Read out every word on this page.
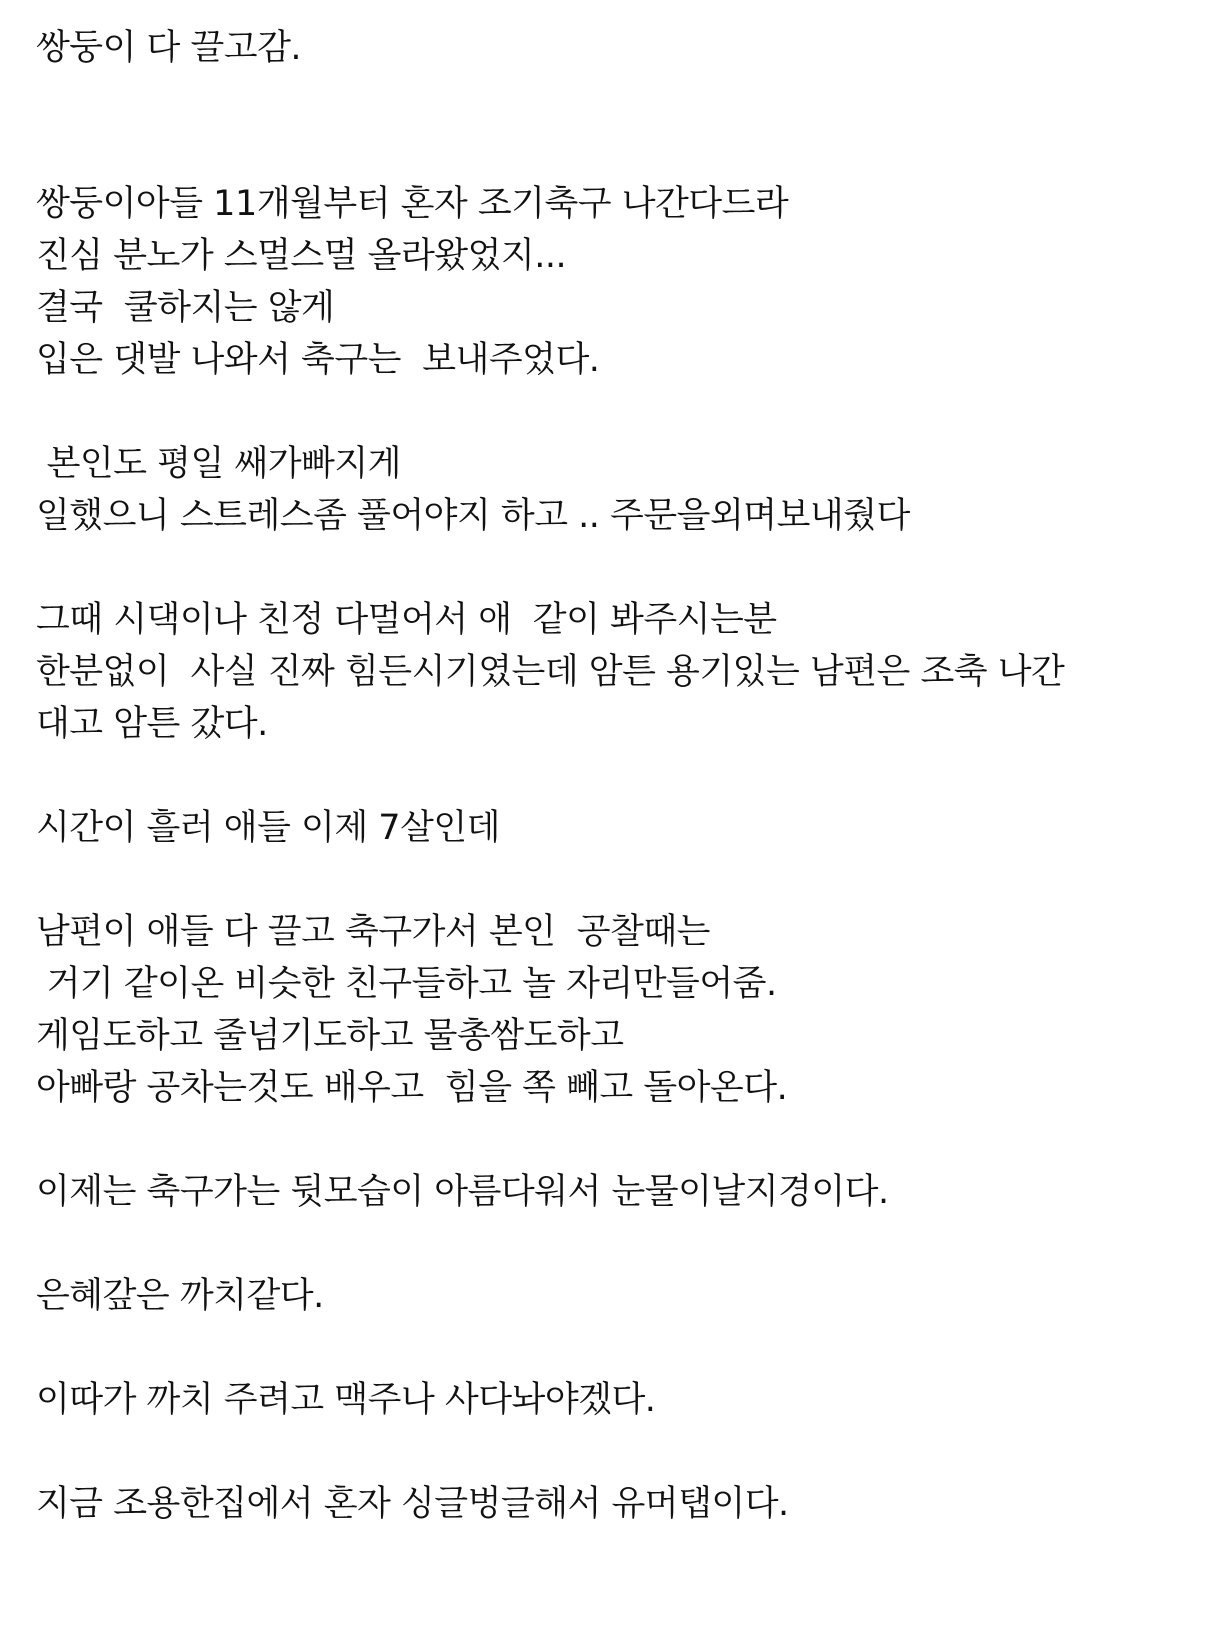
쌍둥이 다 끌고감.
쌍둥이아들 11개월부터 혼자 조기축구 나간다드라
진심 분노가 스멀스멀 올라왔었지...
결국  쿨하지는 않게
입은 댓발 나와서 축구는  보내주었다.
본인도 평일 쌔가빠지게
일했으니 스트레스좀 풀어야지 하고 .. 주문을외며보내줬다
그때 시댁이나 친정 다멀어서 애  같이 봐주시는분
한분없이  사실 진짜 힘든시기였는데 암튼 용기있는 남편은 조축 나간
대고 암튼 갔다.
시간이 흘러 애들 이제 7살인데
남편이 애들 다 끌고 축구가서 본인  공찰때는
거기 같이온 비슷한 친구들하고 놀 자리만들어줌.
게임도하고 줄넘기도하고 물총쌈도하고
아빠랑 공차는것도 배우고  힘을 쪽 빼고 돌아온다.
이제는 축구가는 뒷모습이 아름다워서 눈물이날지경이다.
은혜갚은 까치같다.
이따가 까치 주려고 맥주나 사다놔야겠다.
지금 조용한집에서 혼자 싱글벙글해서 유머탭이다.
